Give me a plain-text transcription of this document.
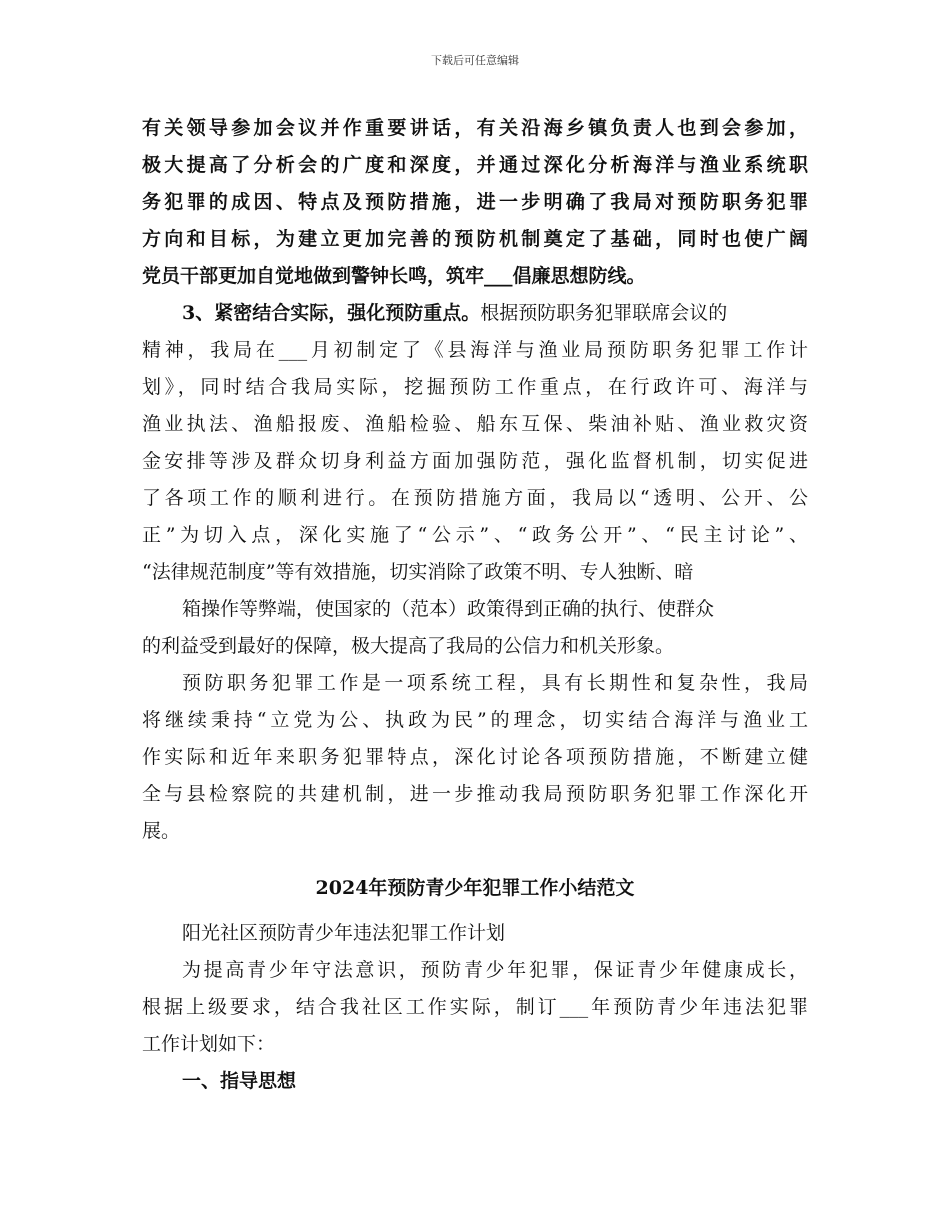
下载后可任意编辑
有关领导参加会议并作重要讲话，有关沿海乡镇负责人也到会参加，
极大提高了分析会的广度和深度，并通过深化分析海洋与渔业系统职
务犯罪的成因、特点及预防措施，进一步明确了我局对预防职务犯罪
方向和目标，为建立更加完善的预防机制奠定了基础，同时也使广阔
党员干部更加自觉地做到警钟长鸣，筑牢___倡廉思想防线。
3、紧密结合实际，强化预防重点。根据预防职务犯罪联席会议的
精神，我局在___月初制定了《县海洋与渔业局预防职务犯罪工作计
划》，同时结合我局实际，挖掘预防工作重点，在行政许可、海洋与
渔业执法、渔船报废、渔船检验、船东互保、柴油补贴、渔业救灾资
金安排等涉及群众切身利益方面加强防范，强化监督机制，切实促进
了各项工作的顺利进行。在预防措施方面，我局以“透明、公开、公
正”为切入点，深化实施了“公示”、“政务公开”、“民主讨论”、
“法律规范制度”等有效措施，切实消除了政策不明、专人独断、暗
箱操作等弊端，使国家的（范本）政策得到正确的执行、使群众
的利益受到最好的保障，极大提高了我局的公信力和机关形象。
预防职务犯罪工作是一项系统工程，具有长期性和复杂性，我局
将继续秉持“立党为公、执政为民”的理念，切实结合海洋与渔业工
作实际和近年来职务犯罪特点，深化讨论各项预防措施，不断建立健
全与县检察院的共建机制，进一步推动我局预防职务犯罪工作深化开
展。
2024年预防青少年犯罪工作小结范文
阳光社区预防青少年违法犯罪工作计划
为提高青少年守法意识，预防青少年犯罪，保证青少年健康成长，
根据上级要求，结合我社区工作实际，制订___年预防青少年违法犯罪
工作计划如下：
一、指导思想
